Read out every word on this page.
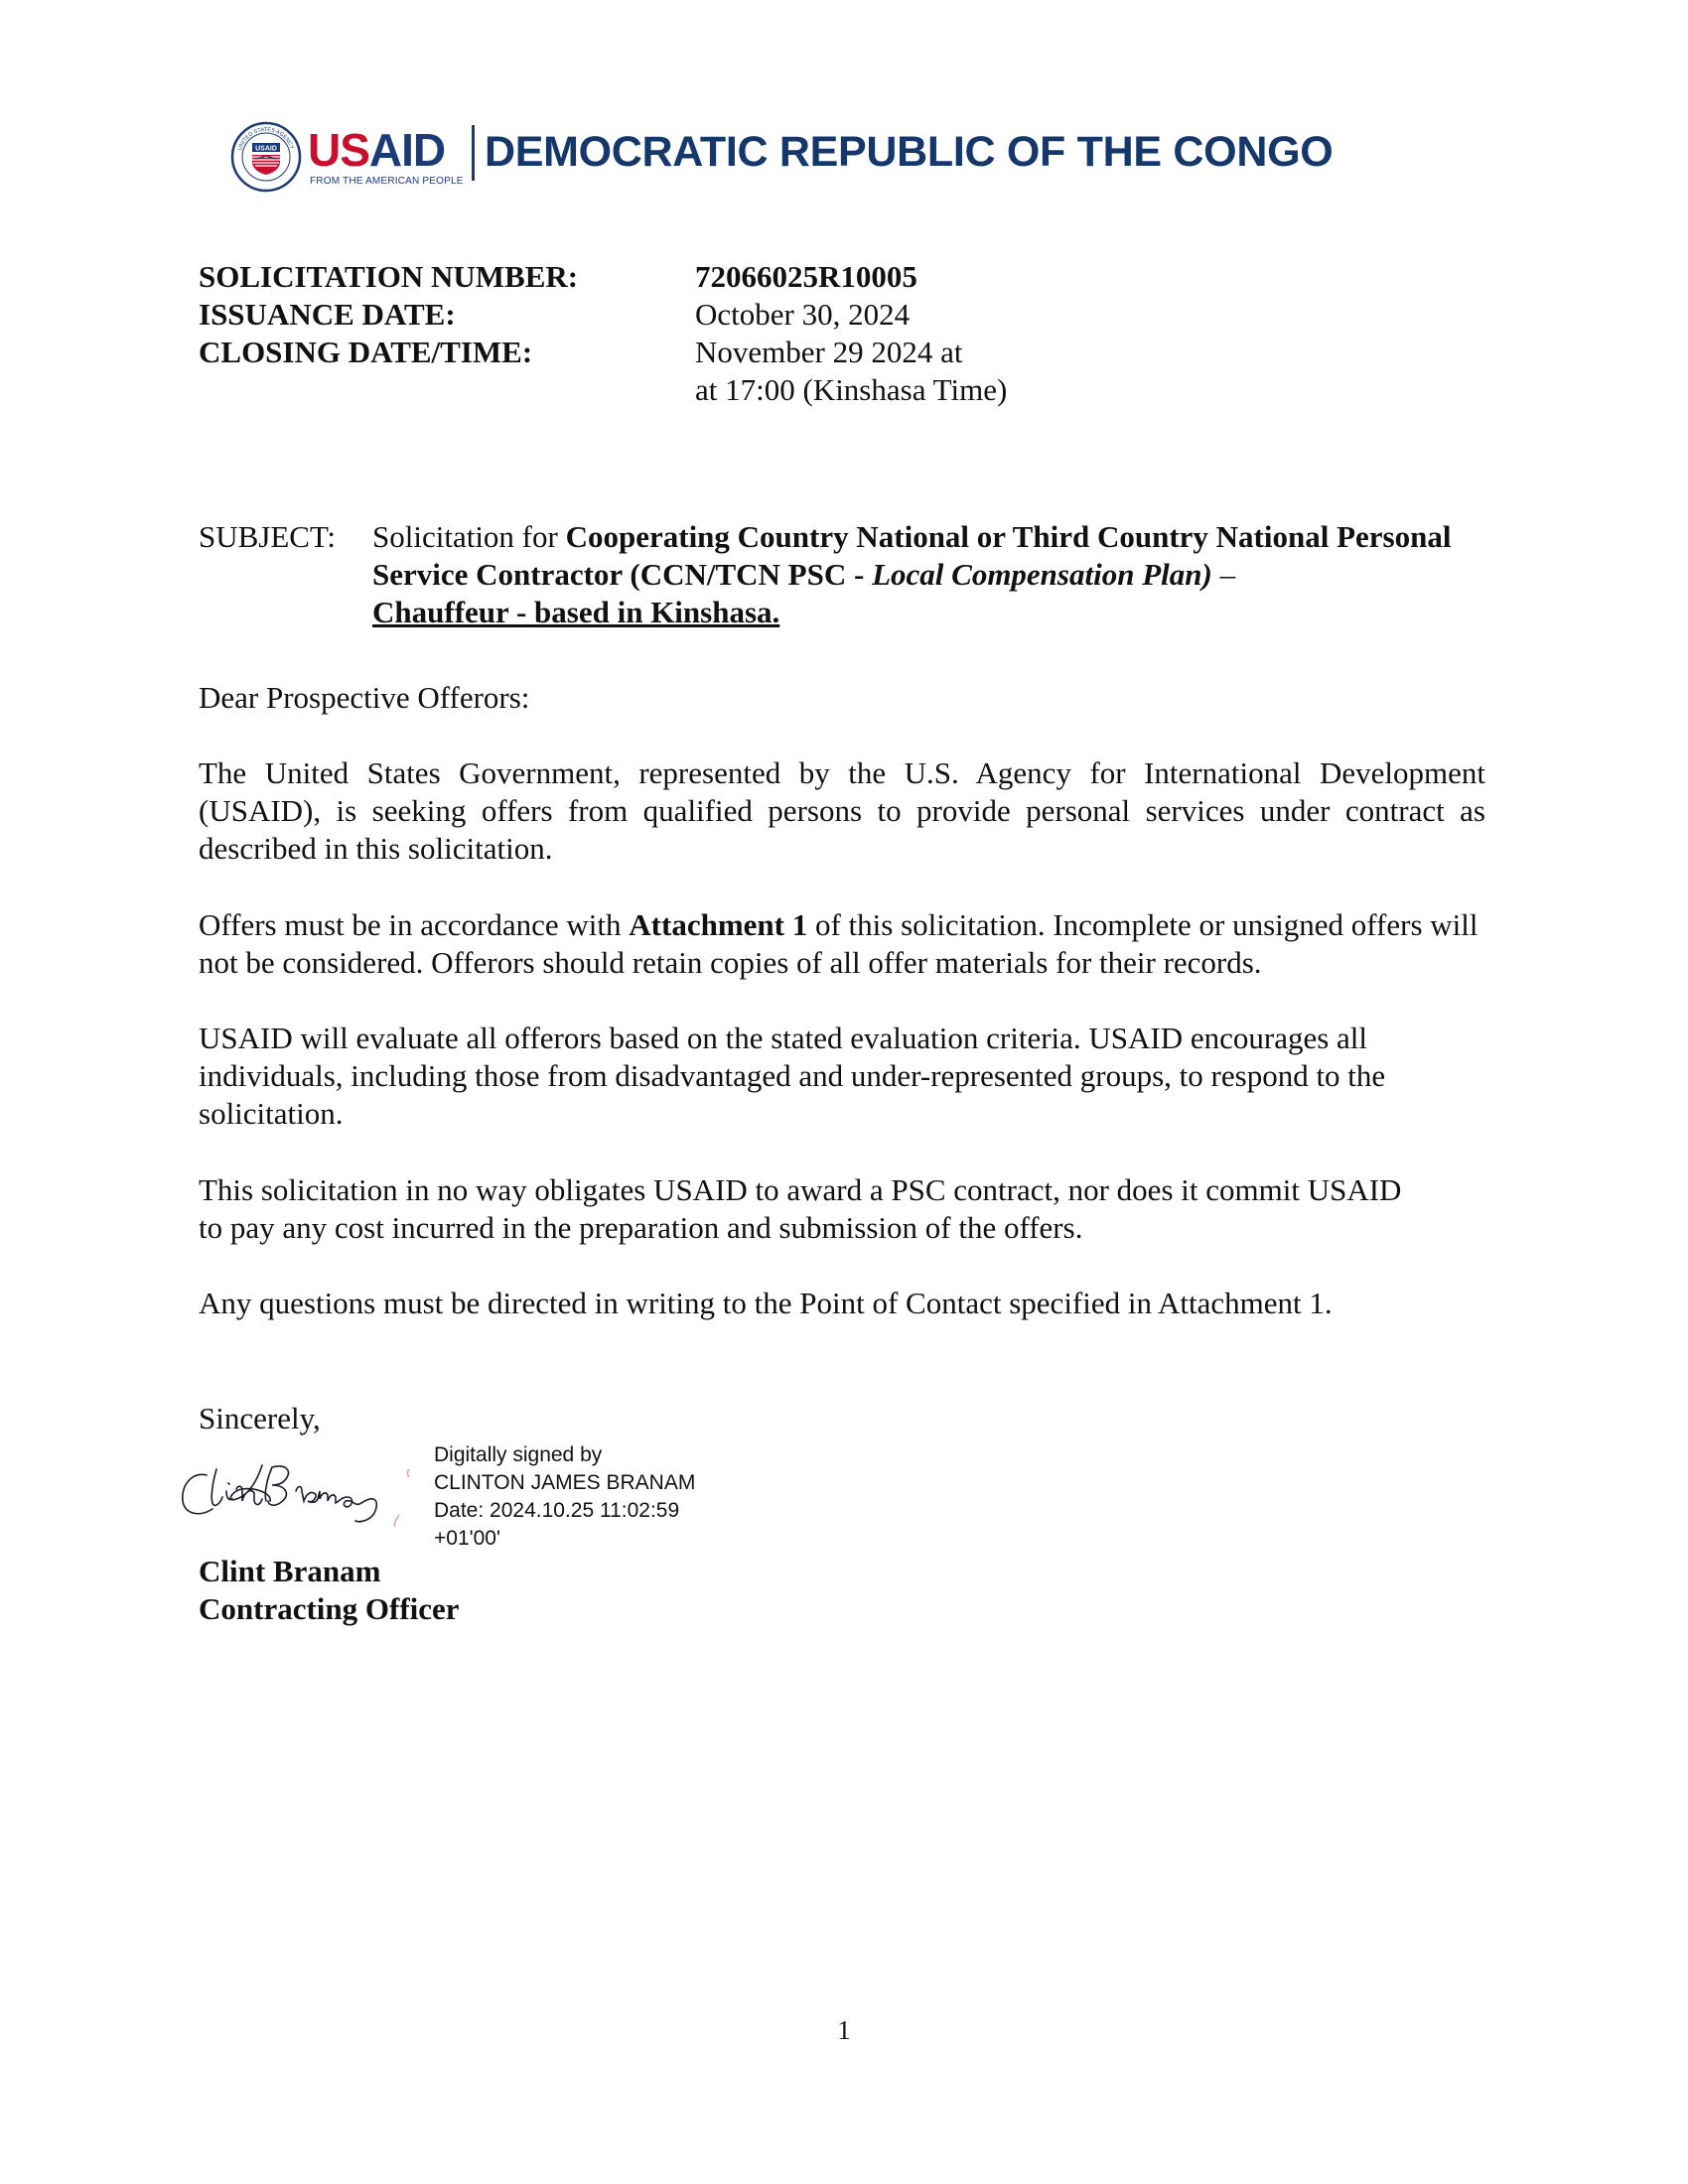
USAID
UNITED STATES AGENCY USAID
FROM THE AMERICAN PEOPLE
DEMOCRATIC REPUBLIC OF THE CONGO
SOLICITATION NUMBER:	72066025R10005
ISSUANCE DATE:	October 30, 2024
CLOSING DATE/TIME:	November 29 2024 at
at 17:00 (Kinshasa Time)
SUBJECT: Solicitation for Cooperating Country National or Third Country National Personal Service Contractor (CCN/TCN PSC - Local Compensation Plan) –
Chauffeur - based in Kinshasa.
Dear Prospective Offerors:
The United States Government, represented by the U.S. Agency for International Development (USAID), is seeking offers from qualified persons to provide personal services under contract as described in this solicitation.
Offers must be in accordance with Attachment 1 of this solicitation. Incomplete or unsigned offers will not be considered. Offerors should retain copies of all offer materials for their records.
USAID will evaluate all offerors based on the stated evaluation criteria. USAID encourages all individuals, including those from disadvantaged and under-represented groups, to respond to the solicitation.
This solicitation in no way obligates USAID to award a PSC contract, nor does it commit USAID to pay any cost incurred in the preparation and submission of the offers.
Any questions must be directed in writing to the Point of Contact specified in Attachment 1.
Sincerely,
Digitally signed by
CLINTON JAMES BRANAM
Date: 2024.10.25 11:02:59
+01'00'
Clint Branam
Contracting Officer
1
